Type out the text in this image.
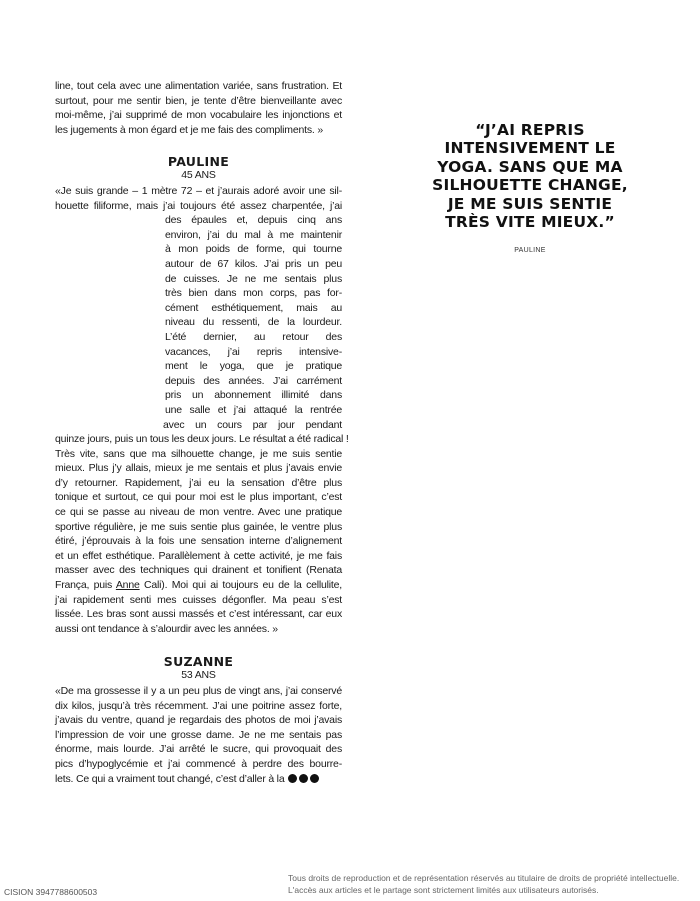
line, tout cela avec une alimentation variée, sans frustration. Et
surtout, pour me sentir bien, je tente d’être bienveillante avec
moi-même, j’ai supprimé de mon vocabulaire les injonctions et
les jugements à mon égard et je me fais des compliments. »
PAULINE
45 ANS
«Je suis grande – 1 mètre 72 – et j’aurais adoré avoir une sil-
houette filiforme, mais j’ai toujours été assez charpentée, j’ai
des épaules et, depuis cinq ans
environ, j’ai du mal à me maintenir
à mon poids de forme, qui tourne
autour de 67 kilos. J’ai pris un peu
de cuisses. Je ne me sentais plus
très bien dans mon corps, pas for-
cément esthétiquement, mais au
niveau du ressenti, de la lourdeur.
L’été dernier, au retour des
vacances, j’ai repris intensive-
ment le yoga, que je pratique
depuis des années. J’ai carrément
pris un abonnement illimité dans
une salle et j’ai attaqué la rentrée
avec un cours par jour pendant
quinze jours, puis un tous les deux jours. Le résultat a été radical !
Très vite, sans que ma silhouette change, je me suis sentie
mieux. Plus j’y allais, mieux je me sentais et plus j’avais envie
d’y retourner. Rapidement, j’ai eu la sensation d’être plus
tonique et surtout, ce qui pour moi est le plus important, c’est
ce qui se passe au niveau de mon ventre. Avec une pratique
sportive régulière, je me suis sentie plus gainée, le ventre plus
étiré, j’éprouvais à la fois une sensation interne d’alignement
et un effet esthétique. Parallèlement à cette activité, je me fais
masser avec des techniques qui drainent et tonifient (Renata
França, puis Anne Cali). Moi qui ai toujours eu de la cellulite,
j’ai rapidement senti mes cuisses dégonfler. Ma peau s’est
lissée. Les bras sont aussi massés et c’est intéressant, car eux
aussi ont tendance à s’alourdir avec les années. »
SUZANNE
53 ANS
«De ma grossesse il y a un peu plus de vingt ans, j’ai conservé
dix kilos, jusqu’à très récemment. J’ai une poitrine assez forte,
j’avais du ventre, quand je regardais des photos de moi j’avais
l’impression de voir une grosse dame. Je ne me sentais pas
énorme, mais lourde. J’ai arrêté le sucre, qui provoquait des
pics d’hypoglycémie et j’ai commencé à perdre des bourre-
lets. Ce qui a vraiment tout changé, c’est d’aller à la
“J’AI REPRIS
INTENSIVEMENT LE
YOGA. SANS QUE MA
SILHOUETTE CHANGE,
JE ME SUIS SENTIE
TRÈS VITE MIEUX.”
PAULINE
CISION 3947788600503
Tous droits de reproduction et de représentation réservés au titulaire de droits de propriété intellectuelle.
L'accès aux articles et le partage sont strictement limités aux utilisateurs autorisés.
